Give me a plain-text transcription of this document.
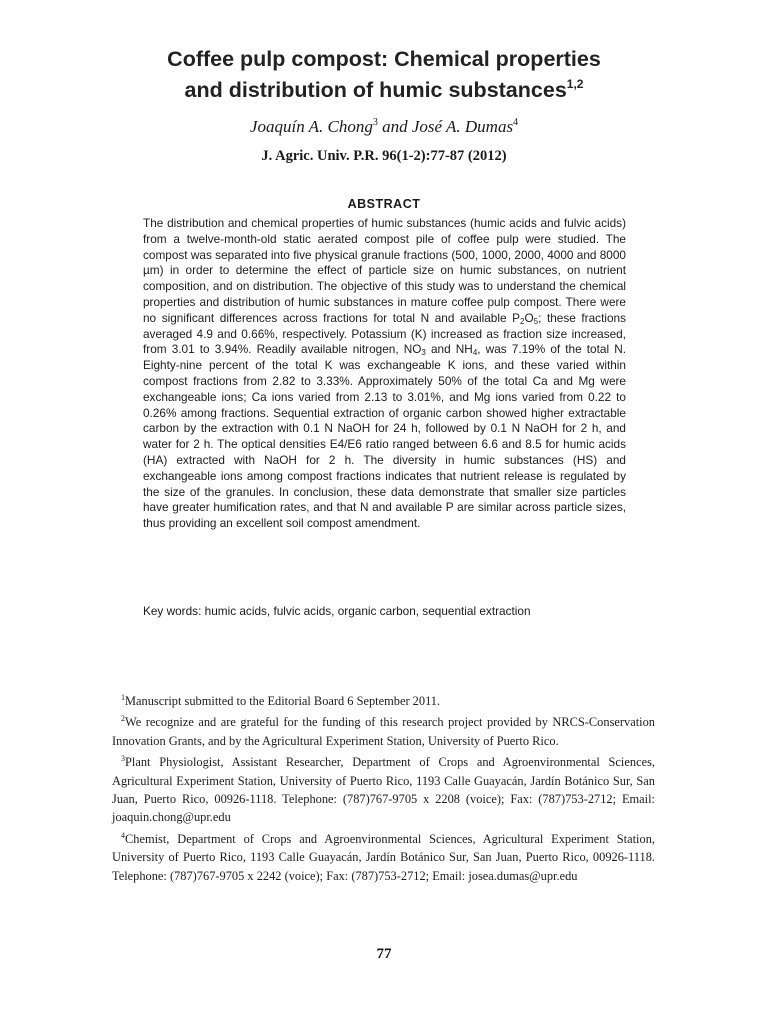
Coffee pulp compost: Chemical properties
and distribution of humic substances$^{1,2}$
Joaquín A. Chong$^3$ and José A. Dumas$^4$
J. Agric. Univ. P.R. 96(1-2):77-87 (2012)
ABSTRACT

The distribution and chemical properties of humic substances (humic acids and fulvic acids) from a twelve-month-old static aerated compost pile of coffee pulp were studied. The compost was separated into five physical granule fractions (500, 1000, 2000, 4000 and 8000 µm) in order to determine the effect of particle size on humic substances, on nutrient composition, and on distribution. The objective of this study was to understand the chemical properties and distribution of humic substances in mature coffee pulp compost. There were no significant differences across fractions for total N and available $P_2O_5$; these fractions averaged 4.9 and 0.66%, respectively. Potassium (K) increased as fraction size increased, from 3.01 to 3.94%. Readily available nitrogen, $NO_3$ and $NH_4$, was 7.19% of the total N. Eighty-nine percent of the total K was exchangeable K ions, and these varied within compost fractions from 2.82 to 3.33%. Approximately 50% of the total Ca and Mg were exchangeable ions; Ca ions varied from 2.13 to 3.01%, and Mg ions varied from 0.22 to 0.26% among fractions. Sequential extraction of organic carbon showed higher extractable carbon by the extraction with 0.1 N NaOH for 24 h, followed by 0.1 N NaOH for 2 h, and water for 2 h. The optical densities E4/E6 ratio ranged between 6.6 and 8.5 for humic acids (HA) extracted with NaOH for 2 h. The diversity in humic substances (HS) and exchangeable ions among compost fractions indicates that nutrient release is regulated by the size of the granules. In conclusion, these data demonstrate that smaller size particles have greater humification rates, and that N and available P are similar across particle sizes, thus providing an excellent soil compost amendment.

Key words: humic acids, fulvic acids, organic carbon, sequential extraction

$^1$Manuscript submitted to the Editorial Board 6 September 2011.

$^2$We recognize and are grateful for the funding of this research project provided by NRCS-Conservation Innovation Grants, and by the Agricultural Experiment Station, University of Puerto Rico.

$^3$Plant Physiologist, Assistant Researcher, Department of Crops and Agroenvironmental Sciences, Agricultural Experiment Station, University of Puerto Rico, 1193 Calle Guayacán, Jardín Botánico Sur, San Juan, Puerto Rico, 00926-1118. Telephone: (787)767-9705 x 2208 (voice); Fax: (787)753-2712; Email: joaquin.chong@upr.edu

$^4$Chemist, Department of Crops and Agroenvironmental Sciences, Agricultural Experiment Station, University of Puerto Rico, 1193 Calle Guayacán, Jardín Botánico Sur, San Juan, Puerto Rico, 00926-1118. Telephone: (787)767-9705 x 2242 (voice); Fax: (787)753-2712; Email: josea.dumas@upr.edu

77
